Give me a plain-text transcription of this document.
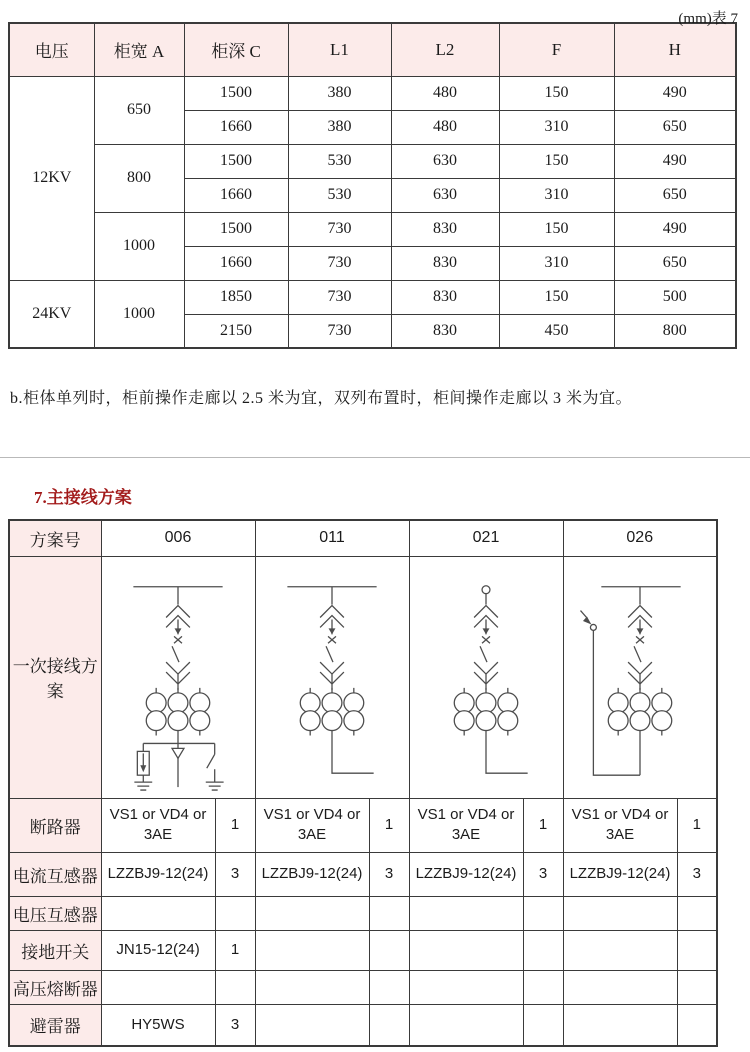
(mm)表 7
电压	柜宽 A	柜深 C	L1	L2	F	H
12KV	650	1500	380	480	150	490
		1660	380	480	310	650
	800	1500	530	630	150	490
		1660	530	630	310	650
	1000	1500	730	830	150	490
		1660	730	830	310	650
24KV	1000	1850	730	830	150	500
		2150	730	830	450	800

b.柜体单列时，柜前操作走廊以 2.5 米为宜，双列布置时，柜间操作走廊以 3 米为宜。

7.主接线方案
方案号	006		011		021		026	
一次接线方案	

断路器	VS1 or VD4 or 3AE	1	VS1 or VD4 or 3AE	1	VS1 or VD4 or 3AE	1	VS1 or VD4 or 3AE	1
电流互感器	LZZBJ9-12(24)	3	LZZBJ9-12(24)	3	LZZBJ9-12(24)	3	LZZBJ9-12(24)	3
电压互感器								
接地开关	JN15-12(24)	1						
高压熔断器								
避雷器	HY5WS	3						
